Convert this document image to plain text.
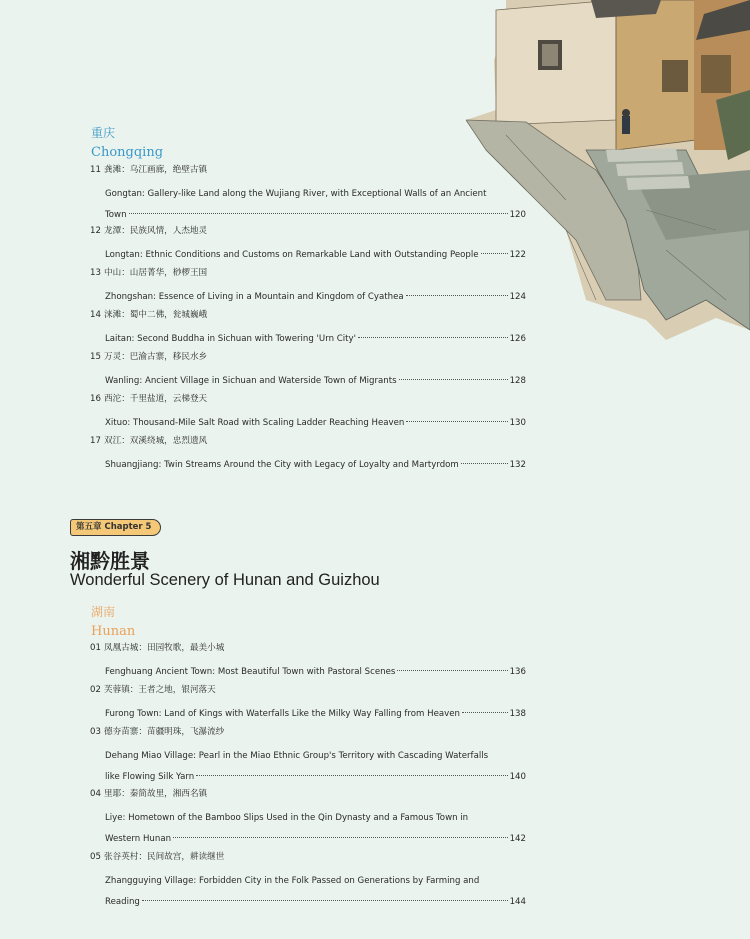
重庆
Chongqing
11 龚滩：乌江画廊，绝壁古镇
Gongtan: Gallery-like Land along the Wujiang River, with Exceptional Walls of an Ancient
Town	120
12 龙潭：民族风情，人杰地灵
Longtan: Ethnic Conditions and Customs on Remarkable Land with Outstanding People	122
13 中山：山居菁华，桫椤王国
Zhongshan: Essence of Living in a Mountain and Kingdom of Cyathea	124
14 涞滩：蜀中二佛，瓮城巍峨
Laitan: Second Buddha in Sichuan with Towering 'Urn City'	126
15 万灵：巴渝古寨，移民水乡
Wanling: Ancient Village in Sichuan and Waterside Town of Migrants	128
16 西沱：千里盐道，云梯登天
Xituo: Thousand-Mile Salt Road with Scaling Ladder Reaching Heaven	130
17 双江：双溪绕城，忠烈遗风
Shuangjiang: Twin Streams Around the City with Legacy of Loyalty and Martyrdom	132
第五章 Chapter 5
湘黔胜景
Wonderful Scenery of Hunan and Guizhou
湖南
Hunan
01 凤凰古城：田园牧歌，最美小城
Fenghuang Ancient Town: Most Beautiful Town with Pastoral Scenes	136
02 芙蓉镇：王者之地，银河落天
Furong Town: Land of Kings with Waterfalls Like the Milky Way Falling from Heaven	138
03 德夯苗寨：苗疆明珠，飞瀑流纱
Dehang Miao Village: Pearl in the Miao Ethnic Group's Territory with Cascading Waterfalls
like Flowing Silk Yarn	140
04 里耶：秦简故里，湘西名镇
Liye: Hometown of the Bamboo Slips Used in the Qin Dynasty and a Famous Town in
Western Hunan	142
05 张谷英村：民间故宫，耕读继世
Zhangguying Village: Forbidden City in the Folk Passed on Generations by Farming and
Reading	144
